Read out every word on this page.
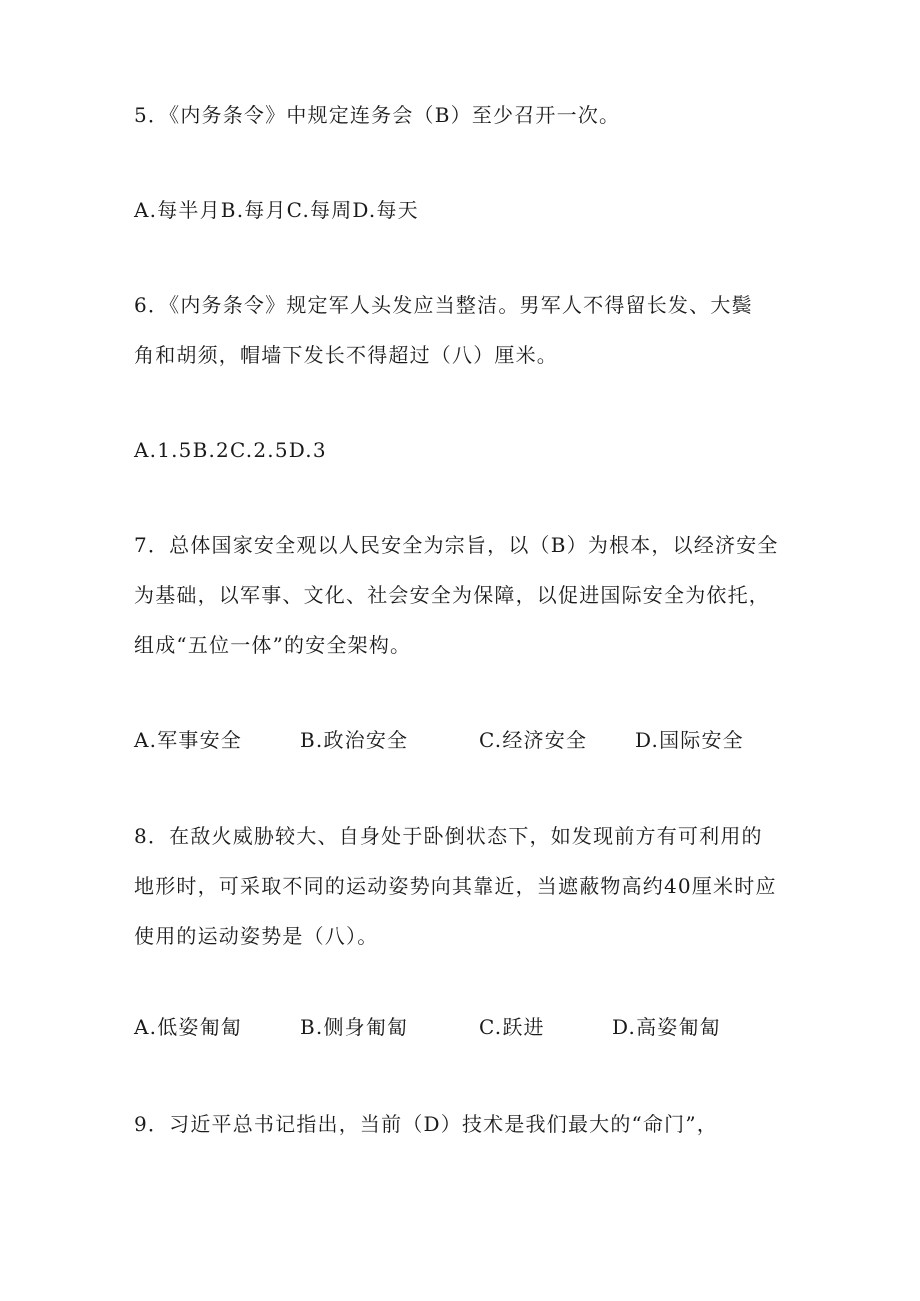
5．《内务条令》中规定连务会（B）至少召开一次。
A.每半月B.每月C.每周D.每天
6．《内务条令》规定军人头发应当整洁。男军人不得留长发、大鬓
角和胡须，帽墙下发长不得超过（八）厘米。
A.1.5B.2C.2.5D.3
7．总体国家安全观以人民安全为宗旨，以（B）为根本，以经济安全
为基础，以军事、文化、社会安全为保障，以促进国际安全为依托，
组成“五位一体”的安全架构。
A.军事安全	B.政治安全	C.经济安全 D.国际安全
8．在敌火威胁较大、自身处于卧倒状态下，如发现前方有可利用的
地形时，可采取不同的运动姿势向其靠近，当遮蔽物高约40厘米时应
使用的运动姿势是（八）。
A.低姿匍匐	B.侧身匍匐	C.跃进	D.高姿匍匐
9．习近平总书记指出，当前（D）技术是我们最大的“命门”，
